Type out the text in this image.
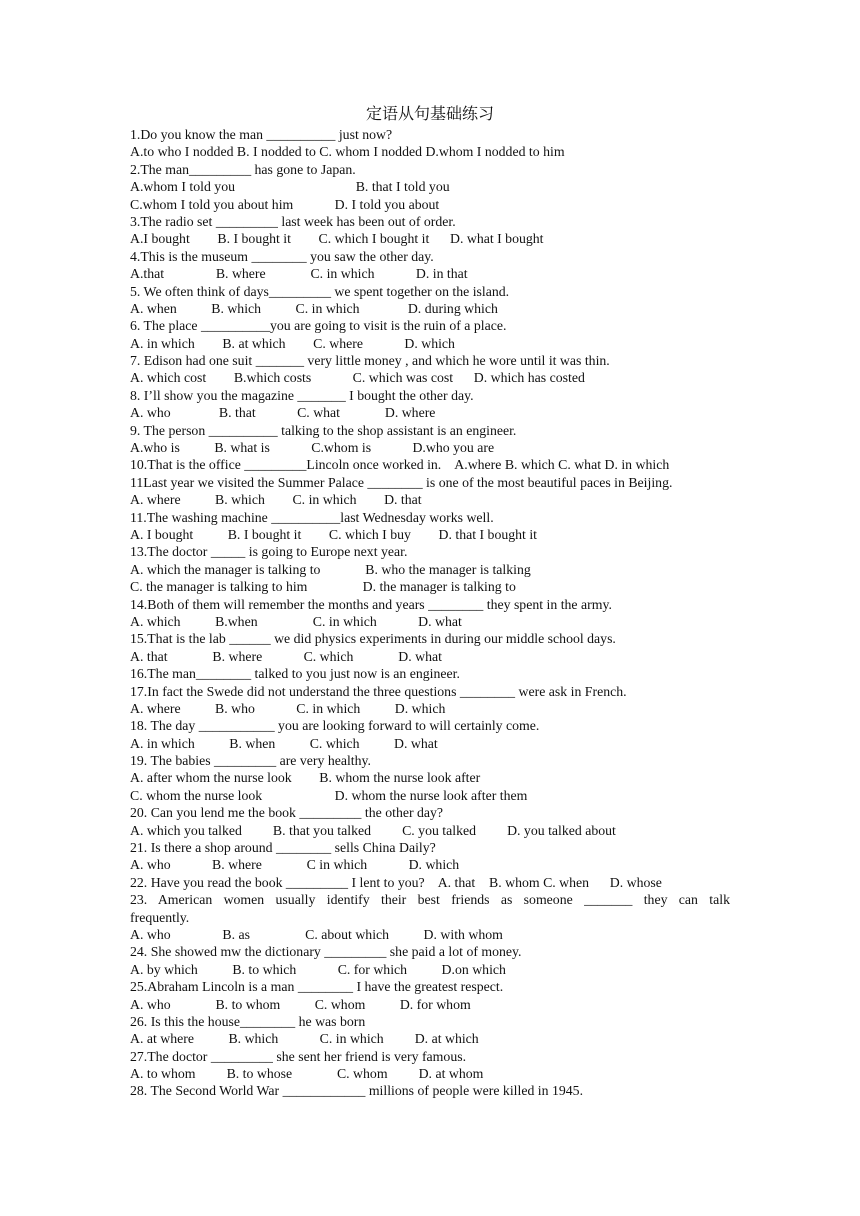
定语从句基础练习
1.Do you know the man __________ just now?
A.to who I nodded B. I nodded to C. whom I nodded D.whom I nodded to him
2.The man_________ has gone to Japan.
A.whom I told you                                   B. that I told you
C.whom I told you about him            D. I told you about
3.The radio set _________ last week has been out of order.
A.I bought        B. I bought it        C. which I bought it      D. what I bought
4.This is the museum ________ you saw the other day.
A.that               B. where             C. in which            D. in that
5. We often think of days_________ we spent together on the island.
A. when          B. which          C. in which              D. during which
6. The place __________you are going to visit is the ruin of a place.
A. in which        B. at which        C. where            D. which
7. Edison had one suit _______ very little money , and which he wore until it was thin.
A. which cost        B.which costs            C. which was cost      D. which has costed
8. I’ll show you the magazine _______ I bought the other day.
A. who              B. that            C. what             D. where
9. The person __________ talking to the shop assistant is an engineer.
A.who is          B. what is            C.whom is            D.who you are
10.That is the office _________Lincoln once worked in.    A.where B. which C. what D. in which
11Last year we visited the Summer Palace ________ is one of the most beautiful paces in Beijing.
A. where          B. which        C. in which        D. that
11.The washing machine __________last Wednesday works well.
A. I bought          B. I bought it        C. which I buy        D. that I bought it
13.The doctor _____ is going to Europe next year.
A. which the manager is talking to             B. who the manager is talking
C. the manager is talking to him                D. the manager is talking to
14.Both of them will remember the months and years ________ they spent in the army.
A. which          B.when                C. in which            D. what
15.That is the lab ______ we did physics experiments in during our middle school days.
A. that             B. where            C. which             D. what
16.The man________ talked to you just now is an engineer.
17.In fact the Swede did not understand the three questions ________ were ask in French.
A. where          B. who            C. in which          D. which
18. The day ___________ you are looking forward to will certainly come.
A. in which          B. when          C. which          D. what
19. The babies _________ are very healthy.
A. after whom the nurse look        B. whom the nurse look after
C. whom the nurse look                     D. whom the nurse look after them
20. Can you lend me the book _________ the other day?
A. which you talked         B. that you talked         C. you talked         D. you talked about
21. Is there a shop around ________ sells China Daily?
A. who            B. where             C in which            D. which
22. Have you read the book _________ I lent to you?    A. that    B. whom C. when      D. whose
23. American women usually identify their best friends as someone _______ they can talk
frequently.
A. who               B. as                C. about which          D. with whom
24. She showed mw the dictionary _________ she paid a lot of money.
A. by which          B. to which            C. for which          D.on which
25.Abraham Lincoln is a man ________ I have the greatest respect.
A. who             B. to whom          C. whom          D. for whom
26. Is this the house________ he was born
A. at where          B. which            C. in which         D. at which
27.The doctor _________ she sent her friend is very famous.
A. to whom         B. to whose             C. whom         D. at whom
28. The Second World War ____________ millions of people were killed in 1945.
